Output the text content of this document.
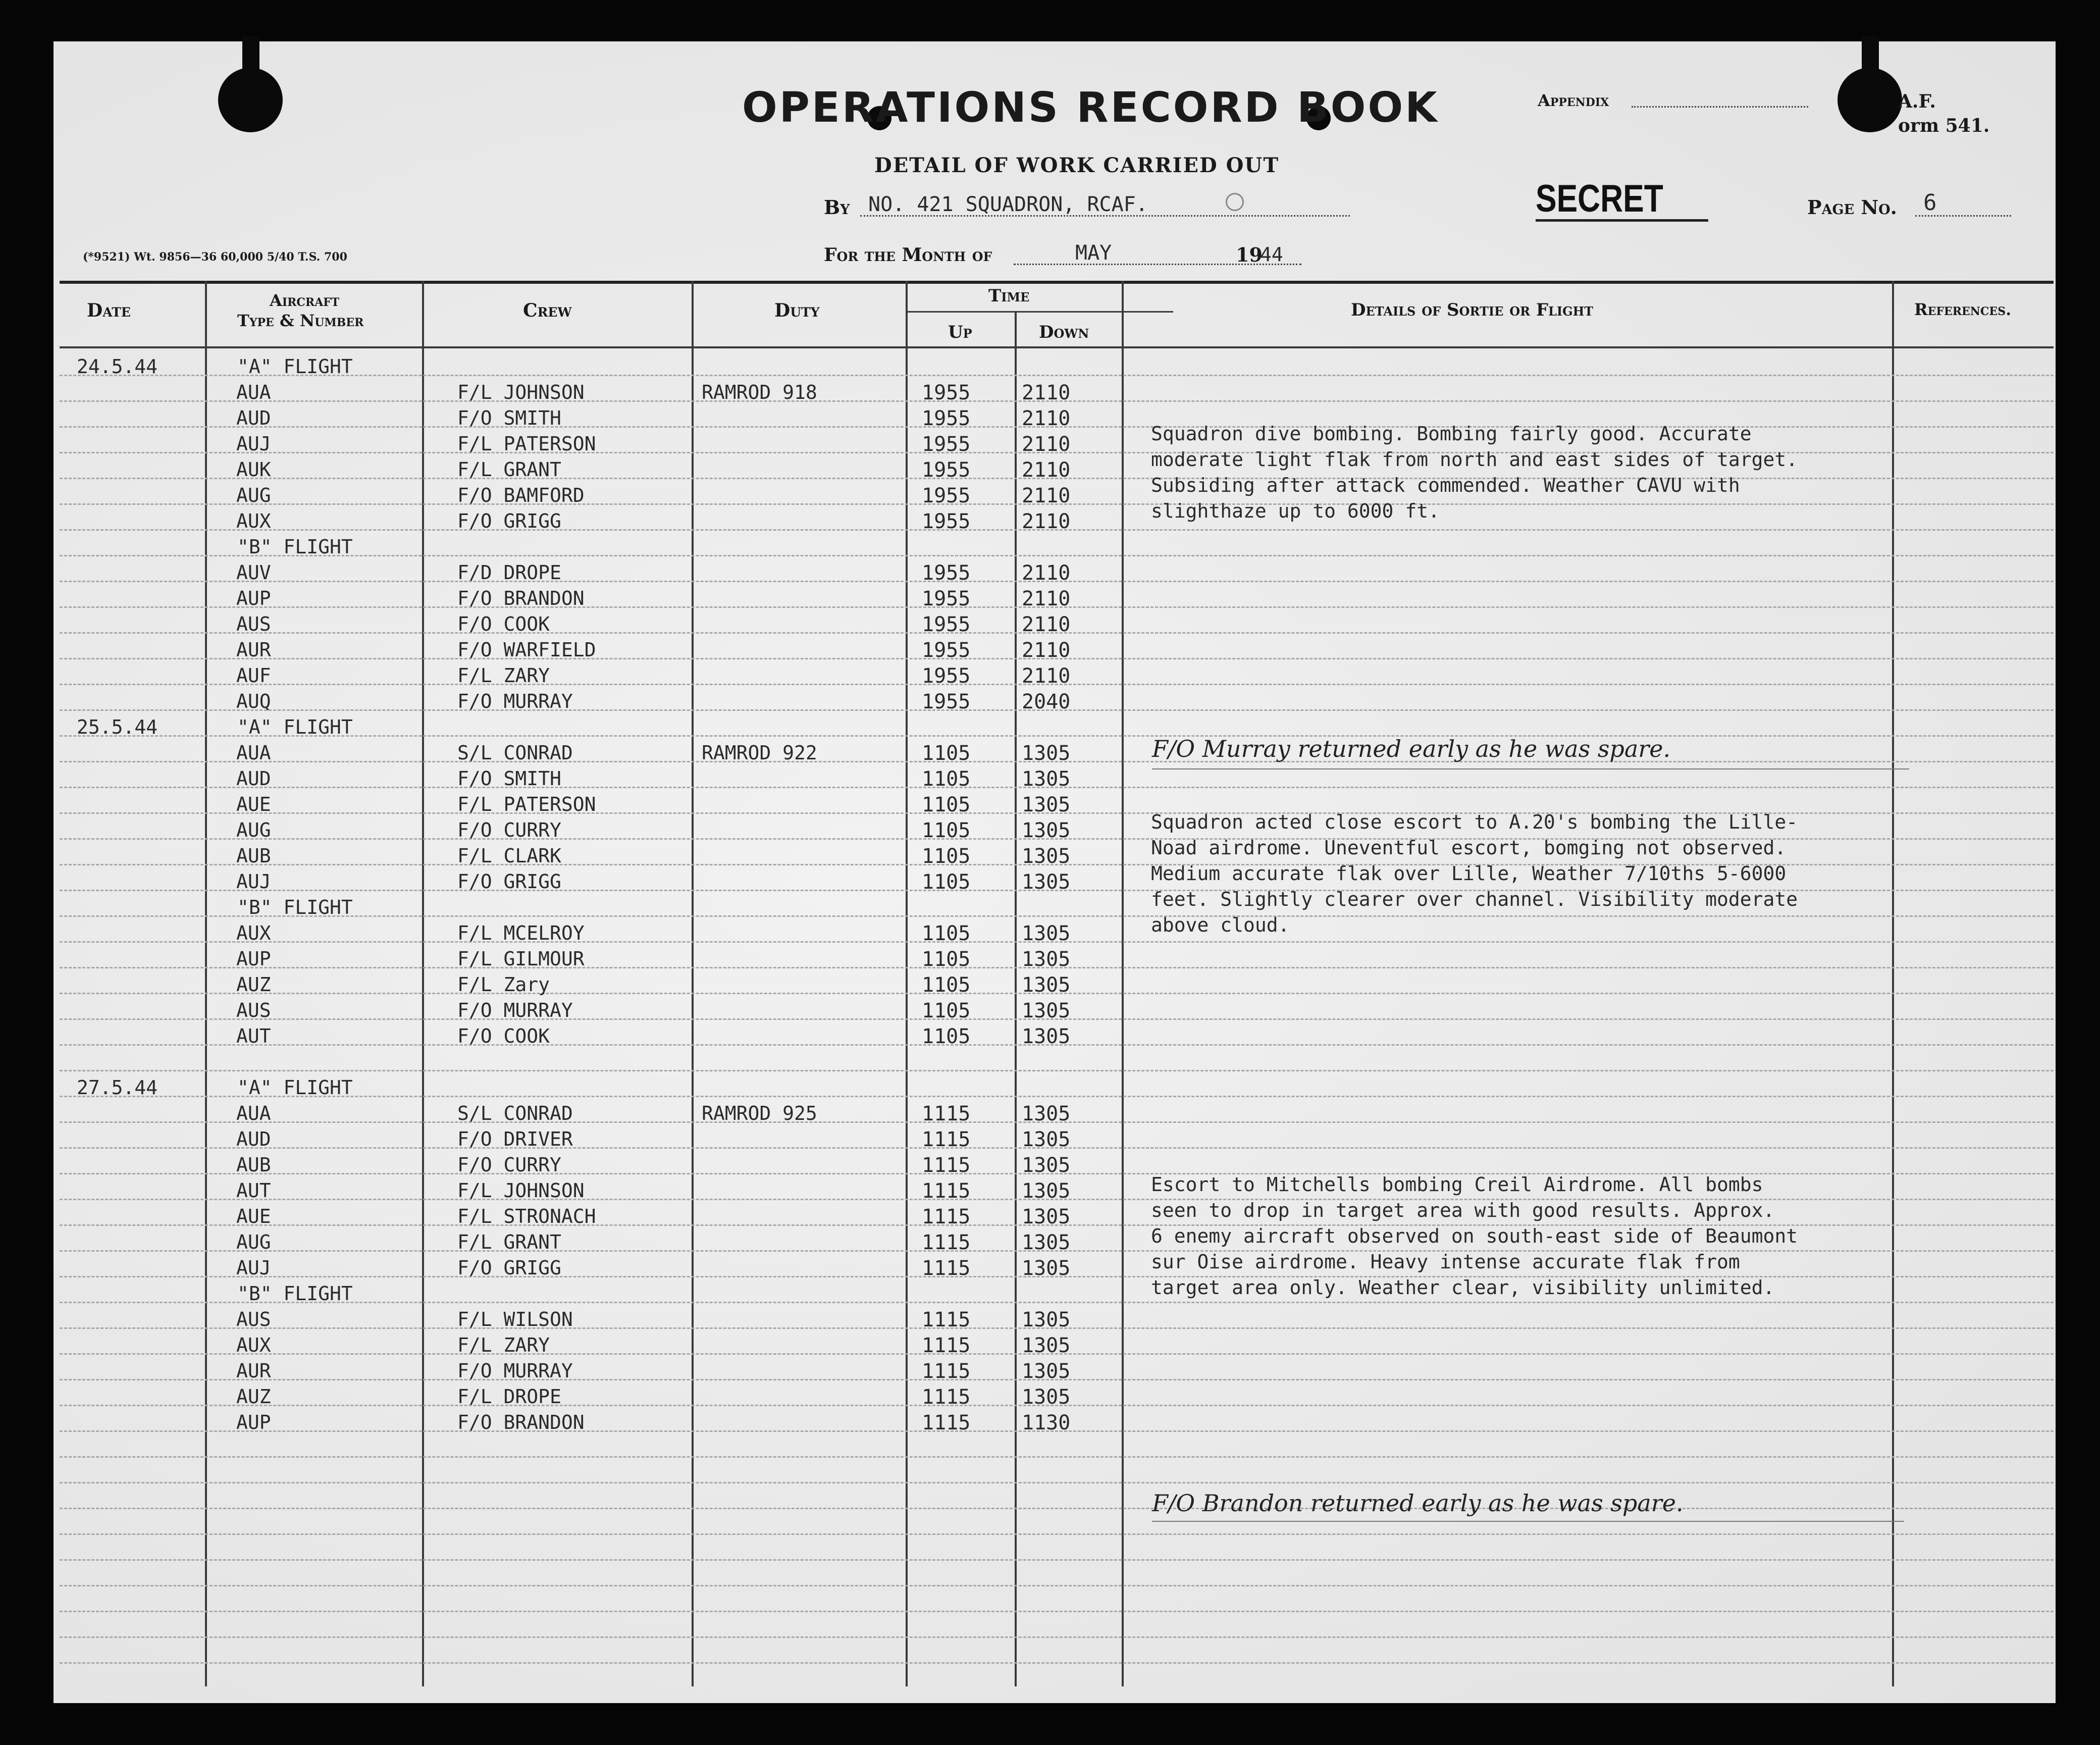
OPERATIONS RECORD BOOK
DETAIL OF WORK CARRIED OUT
By NO. 421 SQUADRON, RCAF.
For the Month of	MAY	19
44
Appendix	A.F.
orm 541.
SECRET	Page No. 6
(*9521) Wt. 9856—36 60,000 5/40 T.S. 700
Date	Aircraft
Type & Number	Crew	Duty
Time
Up	Down
Details of Sortie or Flight	References.
24.5.44	"A" FLIGHT
AUA	F/L JOHNSON	RAMROD 918	1955	2110
AUD	F/O SMITH	1955	2110
AUJ	F/L PATERSON	1955	2110
AUK	F/L GRANT	1955	2110
AUG	F/O BAMFORD	1955	2110
AUX	F/O GRIGG	1955	2110
"B" FLIGHT
AUV	F/D DROPE	1955	2110
AUP	F/O BRANDON	1955	2110
AUS	F/O COOK	1955	2110
AUR	F/O WARFIELD	1955	2110
AUF	F/L ZARY	1955	2110
AUQ	F/O MURRAY	1955	2040
25.5.44	"A" FLIGHT
AUA	S/L CONRAD	RAMROD 922	1105	1305
AUD	F/O SMITH	1105	1305
AUE	F/L PATERSON	1105	1305
AUG	F/O CURRY	1105	1305
AUB	F/L CLARK	1105	1305
AUJ	F/O GRIGG	1105	1305
"B" FLIGHT
AUX	F/L MCELROY	1105	1305
AUP	F/L GILMOUR	1105	1305
AUZ	F/L Zary	1105	1305
AUS	F/O MURRAY	1105	1305
AUT	F/O COOK	1105	1305
27.5.44	"A" FLIGHT
AUA	S/L CONRAD	RAMROD 925	1115	1305
AUD	F/O DRIVER	1115	1305
AUB	F/O CURRY	1115	1305
AUT	F/L JOHNSON	1115	1305
AUE	F/L STRONACH	1115	1305
AUG	F/L GRANT	1115	1305
AUJ	F/O GRIGG	1115	1305
"B" FLIGHT
AUS	F/L WILSON	1115	1305
AUX	F/L ZARY	1115	1305
AUR	F/O MURRAY	1115	1305
AUZ	F/L DROPE	1115	1305
AUP	F/O BRANDON	1115	1130
Squadron dive bombing. Bombing fairly good. Accurate
moderate light flak from north and east sides of target.
Subsiding after attack commended. Weather CAVU with
slighthaze up to 6000 ft.
F/O Murray returned early as he was spare.
Squadron acted close escort to A.20's bombing the Lille-
Noad airdrome. Uneventful escort, bomging not observed.
Medium accurate flak over Lille, Weather 7/10ths 5-6000
feet. Slightly clearer over channel. Visibility moderate
above cloud.
Escort to Mitchells bombing Creil Airdrome. All bombs
seen to drop in target area with good results. Approx.
6 enemy aircraft observed on south-east side of Beaumont
sur Oise airdrome. Heavy intense accurate flak from
target area only. Weather clear, visibility unlimited.
F/O Brandon returned early as he was spare.
